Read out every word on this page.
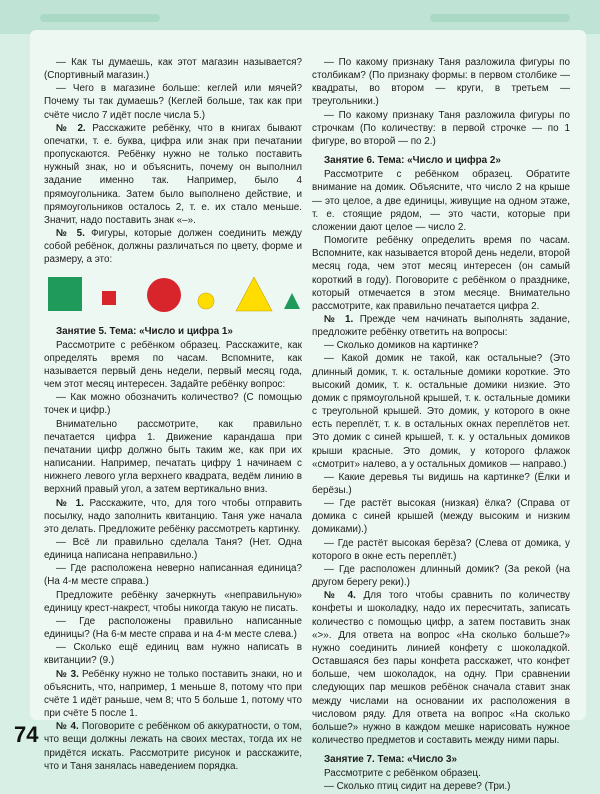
— Как ты думаешь, как этот магазин называется? (Спортивный магазин.)

— Чего в магазине больше: кеглей или мячей? Почему ты так думаешь? (Кеглей больше, так как при счёте число 7 идёт после числа 5.)

№ 2. Расскажите ребёнку, что в книгах бывают опечатки, т. е. буква, цифра или знак при печатании пропускаются. Ребёнку нужно не только поставить нужный знак, но и объяснить, почему он выполнил задание именно так. Например, было 4 прямоугольника. Затем было выполнено действие, и прямоугольников осталось 2, т. е. их стало меньше. Значит, надо поставить знак «–».

№ 5. Фигуры, которые должен соединить между собой ребёнок, должны различаться по цвету, форме и размеру, а это:

Занятие 5. Тема: «Число и цифра 1»

Рассмотрите с ребёнком образец. Расскажите, как определять время по часам. Вспомните, как называется первый день недели, первый месяц года, чем этот месяц интересен. Задайте ребёнку вопрос:

— Как можно обозначить количество? (С помощью точек и цифр.)

Внимательно рассмотрите, как правильно печатается цифра 1. Движение карандаша при печатании цифр должно быть таким же, как при их написании. Например, печатать цифру 1 начинаем с нижнего левого угла верхнего квадрата, ведём линию в верхний правый угол, а затем вертикально вниз.

№ 1. Расскажите, что, для того чтобы отправить посылку, надо заполнить квитанцию. Таня уже начала это делать. Предложите ребёнку рассмотреть картинку.

— Всё ли правильно сделала Таня? (Нет. Одна единица написана неправильно.)

— Где расположена неверно написанная единица? (На 4-м месте справа.)

Предложите ребёнку зачеркнуть «неправильную» единицу крест-накрест, чтобы никогда такую не писать.

— Где расположены правильно написанные единицы? (На 6-м месте справа и на 4-м месте слева.)

— Сколько ещё единиц вам нужно написать в квитанции? (9.)

№ 3. Ребёнку нужно не только поставить знаки, но и объяснить, что, например, 1 меньше 8, потому что при счёте 1 идёт раньше, чем 8; что 5 больше 1, потому что при счёте 5 после 1.

№ 4. Поговорите с ребёнком об аккуратности, о том, что вещи должны лежать на своих местах, тогда их не придётся искать. Рассмотрите рисунок и расскажите, что и Таня занялась наведением порядка.

— По какому признаку Таня разложила фигуры по столбикам? (По признаку формы: в первом столбике — квадраты, во втором — круги, в третьем — треугольники.)

— По какому признаку Таня разложила фигуры по строчкам (По количеству: в первой строчке — по 1 фигуре, во второй — по 2.)

Занятие 6. Тема: «Число и цифра 2»

Рассмотрите с ребёнком образец. Обратите внимание на домик. Объясните, что число 2 на крыше — это целое, а две единицы, живущие на одном этаже, т. е. стоящие рядом, — это части, которые при сложении дают целое — число 2.

Помогите ребёнку определить время по часам. Вспомните, как называется второй день недели, второй месяц года, чем этот месяц интересен (он самый короткий в году). Поговорите с ребёнком о празднике, который отмечается в этом месяце. Внимательно рассмотрите, как правильно печатается цифра 2.

№ 1. Прежде чем начинать выполнять задание, предложите ребёнку ответить на вопросы:

— Сколько домиков на картинке?

— Какой домик не такой, как остальные? (Это длинный домик, т. к. остальные домики короткие. Это высокий домик, т. к. остальные домики низкие. Это домик с прямоугольной крышей, т. к. остальные домики с треугольной крышей. Это домик, у которого в окне есть переплёт, т. к. в остальных окнах переплётов нет. Это домик с синей крышей, т. к. у остальных домиков крыши красные. Это домик, у которого флажок «смотрит» налево, а у остальных домиков — направо.)

— Какие деревья ты видишь на картинке? (Ёлки и берёзы.)

— Где растёт высокая (низкая) ёлка? (Справа от домика с синей крышей (между высоким и низким домиками).)

— Где растёт высокая берёза? (Слева от домика, у которого в окне есть переплёт.)

— Где расположен длинный домик? (За рекой (на другом берегу реки).)

№ 4. Для того чтобы сравнить по количеству конфеты и шоколадку, надо их пересчитать, записать количество с помощью цифр, а затем поставить знак «>». Для ответа на вопрос «На сколько больше?» нужно соединить линией конфету с шоколадкой. Оставшаяся без пары конфета расскажет, что конфет больше, чем шоколадок, на одну. При сравнении следующих пар мешков ребёнок сначала ставит знак между числами на основании их расположения в числовом ряду. Для ответа на вопрос «На сколько больше?» нужно в каждом мешке нарисовать нужное количество предметов и составить между ними пары.

Занятие 7. Тема: «Число 3»

Рассмотрите с ребёнком образец.

— Сколько птиц сидит на дереве? (Три.)

74
